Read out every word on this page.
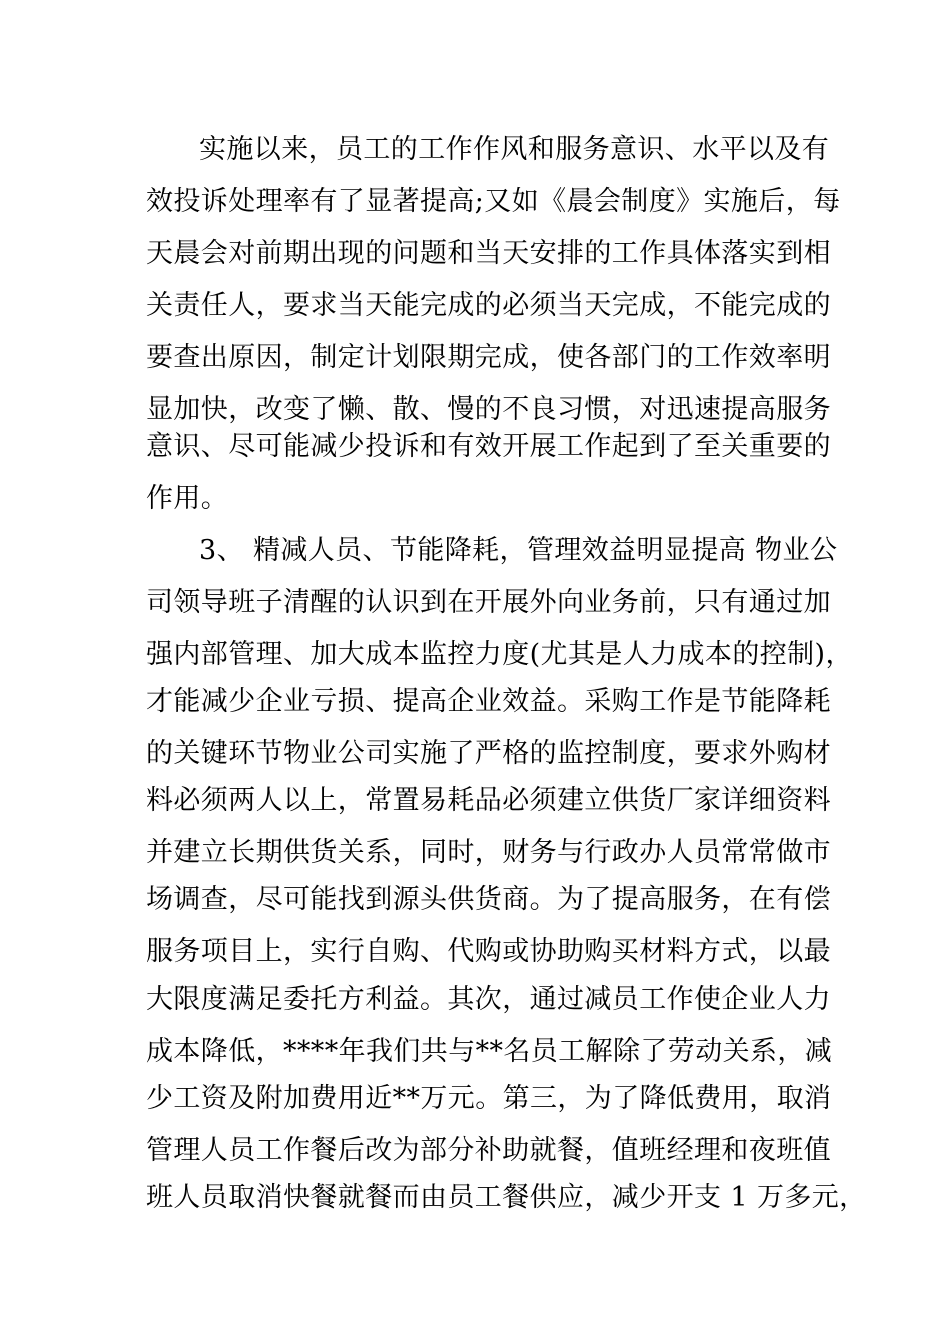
实施以来，员工的工作作风和服务意识、水平以及有
效投诉处理率有了显著提高;又如《晨会制度》实施后，每
天晨会对前期出现的问题和当天安排的工作具体落实到相
关责任人，要求当天能完成的必须当天完成，不能完成的
要查出原因，制定计划限期完成，使各部门的工作效率明
显加快，改变了懒、散、慢的不良习惯，对迅速提高服务
意识、尽可能减少投诉和有效开展工作起到了至关重要的
作用。
3、 精减人员、节能降耗，管理效益明显提高 物业公
司领导班子清醒的认识到在开展外向业务前，只有通过加
强内部管理、加大成本监控力度(尤其是人力成本的控制)，
才能减少企业亏损、提高企业效益。采购工作是节能降耗
的关键环节物业公司实施了严格的监控制度，要求外购材
料必须两人以上，常置易耗品必须建立供货厂家详细资料
并建立长期供货关系，同时，财务与行政办人员常常做市
场调查，尽可能找到源头供货商。为了提高服务，在有偿
服务项目上，实行自购、代购或协助购买材料方式，以最
大限度满足委托方利益。其次，通过减员工作使企业人力
成本降低，****年我们共与**名员工解除了劳动关系，减
少工资及附加费用近**万元。第三，为了降低费用，取消
管理人员工作餐后改为部分补助就餐，值班经理和夜班值
班人员取消快餐就餐而由员工餐供应，减少开支 1 万多元，
